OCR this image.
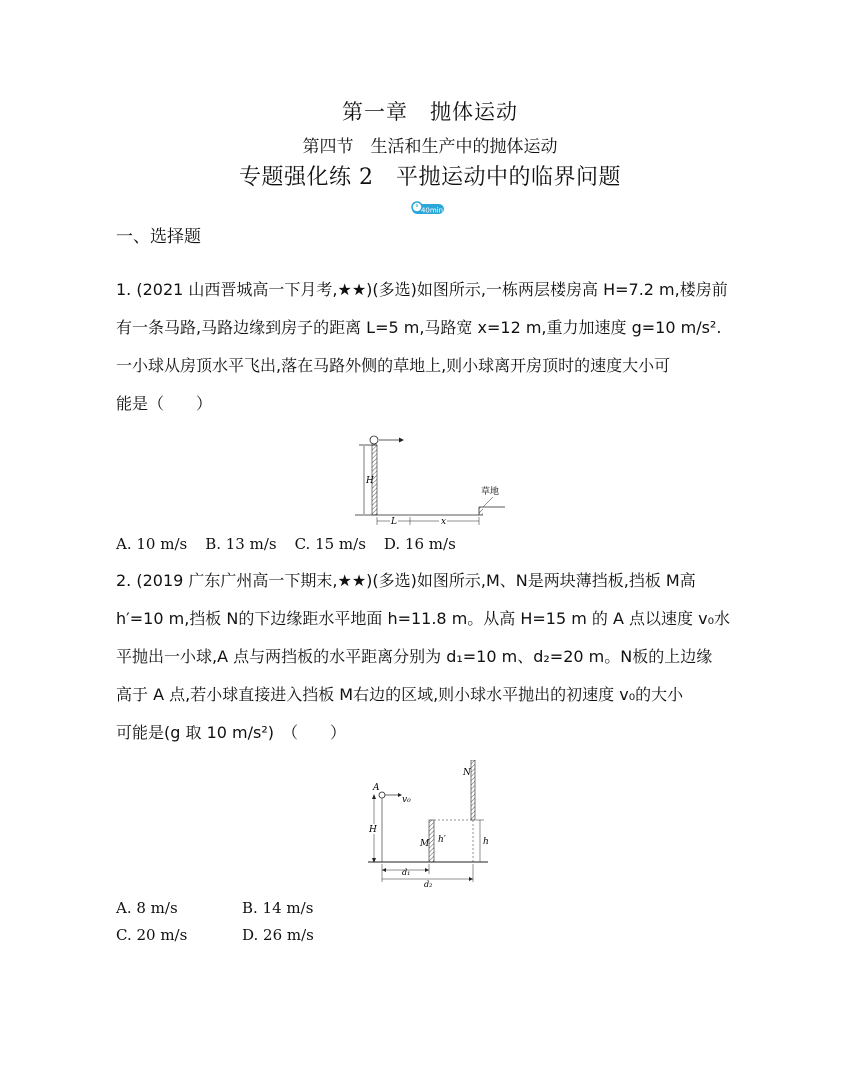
第一章　抛体运动
第四节　生活和生产中的抛体运动
专题强化练 2　平抛运动中的临界问题
40min
一、选择题
1. (2021 山西晋城高一下月考,★★)(多选)如图所示,一栋两层楼房高 H=7.2 m,楼房前
有一条马路,马路边缘到房子的距离 L=5 m,马路宽 x=12 m,重力加速度 g=10 m/s².
一小球从房顶水平飞出,落在马路外侧的草地上,则小球离开房顶时的速度大小可
能是（　　）
H
草地
L	x
A. 10 m/s B. 13 m/s C. 15 m/s D. 16 m/s
2. (2019 广东广州高一下期末,★★)(多选)如图所示,M、N是两块薄挡板,挡板 M高
h′=10 m,挡板 N的下边缘距水平地面 h=11.8 m。从高 H=15 m 的 A 点以速度 v₀水
平抛出一小球,A 点与两挡板的水平距离分别为 d₁=10 m、d₂=20 m。N板的上边缘
高于 A 点,若小球直接进入挡板 M右边的区域,则小球水平抛出的初速度 v₀的大小
可能是(g 取 10 m/s²)　（　　）
A
v₀
H
M h′
N
h
d₁
d₂
A. 8 m/s	B. 14 m/s
C. 20 m/s	D. 26 m/s
